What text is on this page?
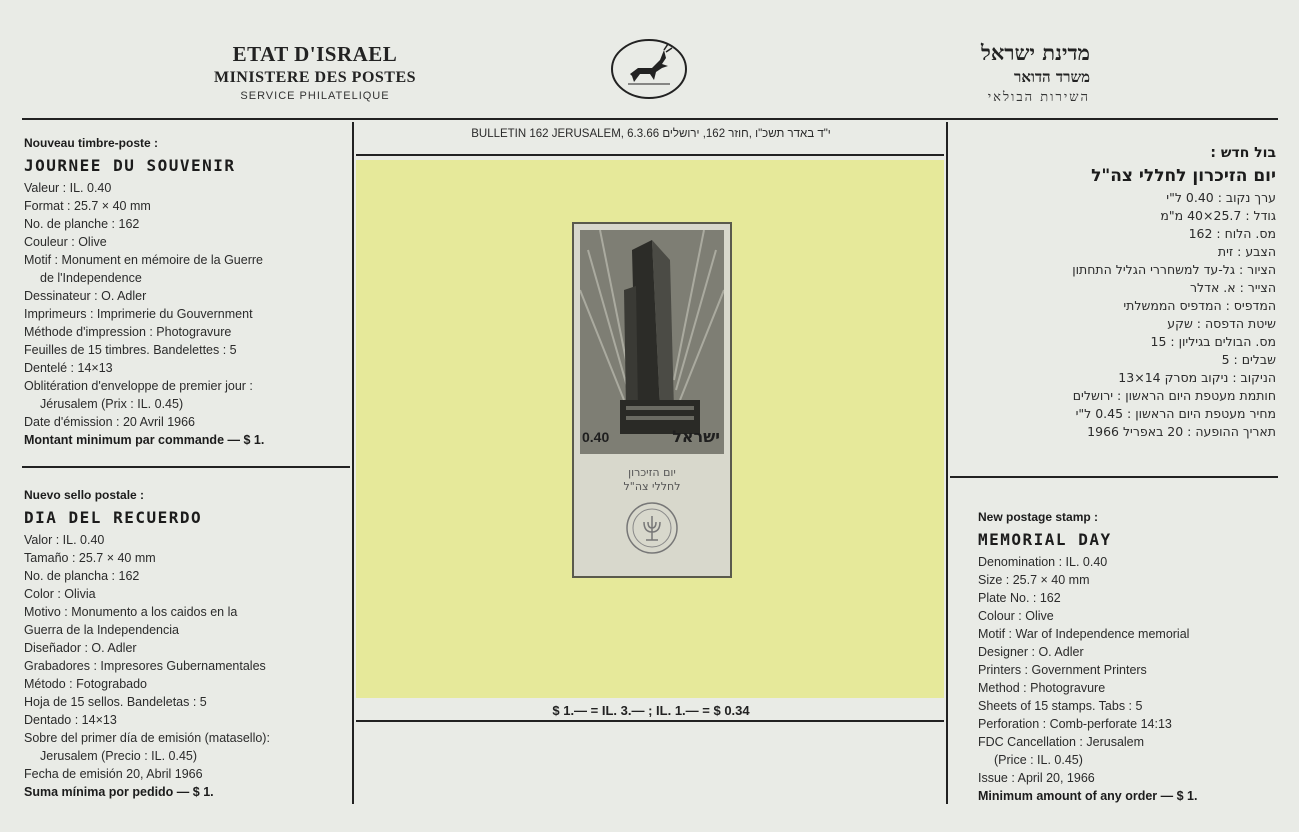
ETAT D'ISRAEL
MINISTERE DES POSTES
SERVICE PHILATELIQUE
מדינת ישראל
משרד הדואר
השירות הבולאי
BULLETIN 162 JERUSALEM, 6.3.66 י"ד באדר תשכ"ו ,חוזר 162, ירושלים
0.40	ישראל
יום הזיכרון
לחללי צה"ל
$ 1.— = IL. 3.— ; IL. 1.— = $ 0.34
Nouveau timbre-poste :
JOURNEE DU SOUVENIR
Valeur : IL. 0.40
Format : 25.7 × 40 mm
No. de planche : 162
Couleur : Olive
Motif : Monument en mémoire de la Guerre
de l'Independence
Dessinateur : O. Adler
Imprimeurs : Imprimerie du Gouvernment
Méthode d'impression : Photogravure
Feuilles de 15 timbres. Bandelettes : 5
Dentelé : 14×13
Oblitération d'enveloppe de premier jour :
Jérusalem (Prix : IL. 0.45)
Date d'émission : 20 Avril 1966
Montant minimum par commande — $ 1.
Nuevo sello postale :
DIA DEL RECUERDO
Valor : IL. 0.40
Tamaño : 25.7 × 40 mm
No. de plancha : 162
Color : Olivia
Motivo : Monumento a los caidos en la
Guerra de la Independencia
Diseñador : O. Adler
Grabadores : Impresores Gubernamentales
Método : Fotograbado
Hoja de 15 sellos. Bandeletas : 5
Dentado : 14×13
Sobre del primer día de emisión (matasello):
Jerusalem (Precio : IL. 0.45)
Fecha de emisión 20, Abril 1966
Suma mínima por pedido — $ 1.
בול חדש :
יום הזיכרון לחללי צה"ל
ערך נקוב : 0.40 ל"י
גודל : 25.7×40 מ"מ
מס. הלוח : 162
הצבע : זית
הציור : גל-עד למשחררי הגליל התחתון
הצייר : א. אדלר
המדפיס : המדפיס הממשלתי
שיטת הדפסה : שקע
מס. הבולים בגיליון : 15
שבלים : 5
הניקוב : ניקוב מסרק 14×13
חותמת מעטפת היום הראשון : ירושלים
מחיר מעטפת היום הראשון : 0.45 ל"י
תאריך ההופעה : 20 באפריל 1966
New postage stamp :
MEMORIAL DAY
Denomination : IL. 0.40
Size : 25.7 × 40 mm
Plate No. : 162
Colour : Olive
Motif : War of Independence memorial
Designer : O. Adler
Printers : Government Printers
Method : Photogravure
Sheets of 15 stamps. Tabs : 5
Perforation : Comb-perforate 14:13
FDC Cancellation : Jerusalem
(Price : IL. 0.45)
Issue : April 20, 1966
Minimum amount of any order — $ 1.
